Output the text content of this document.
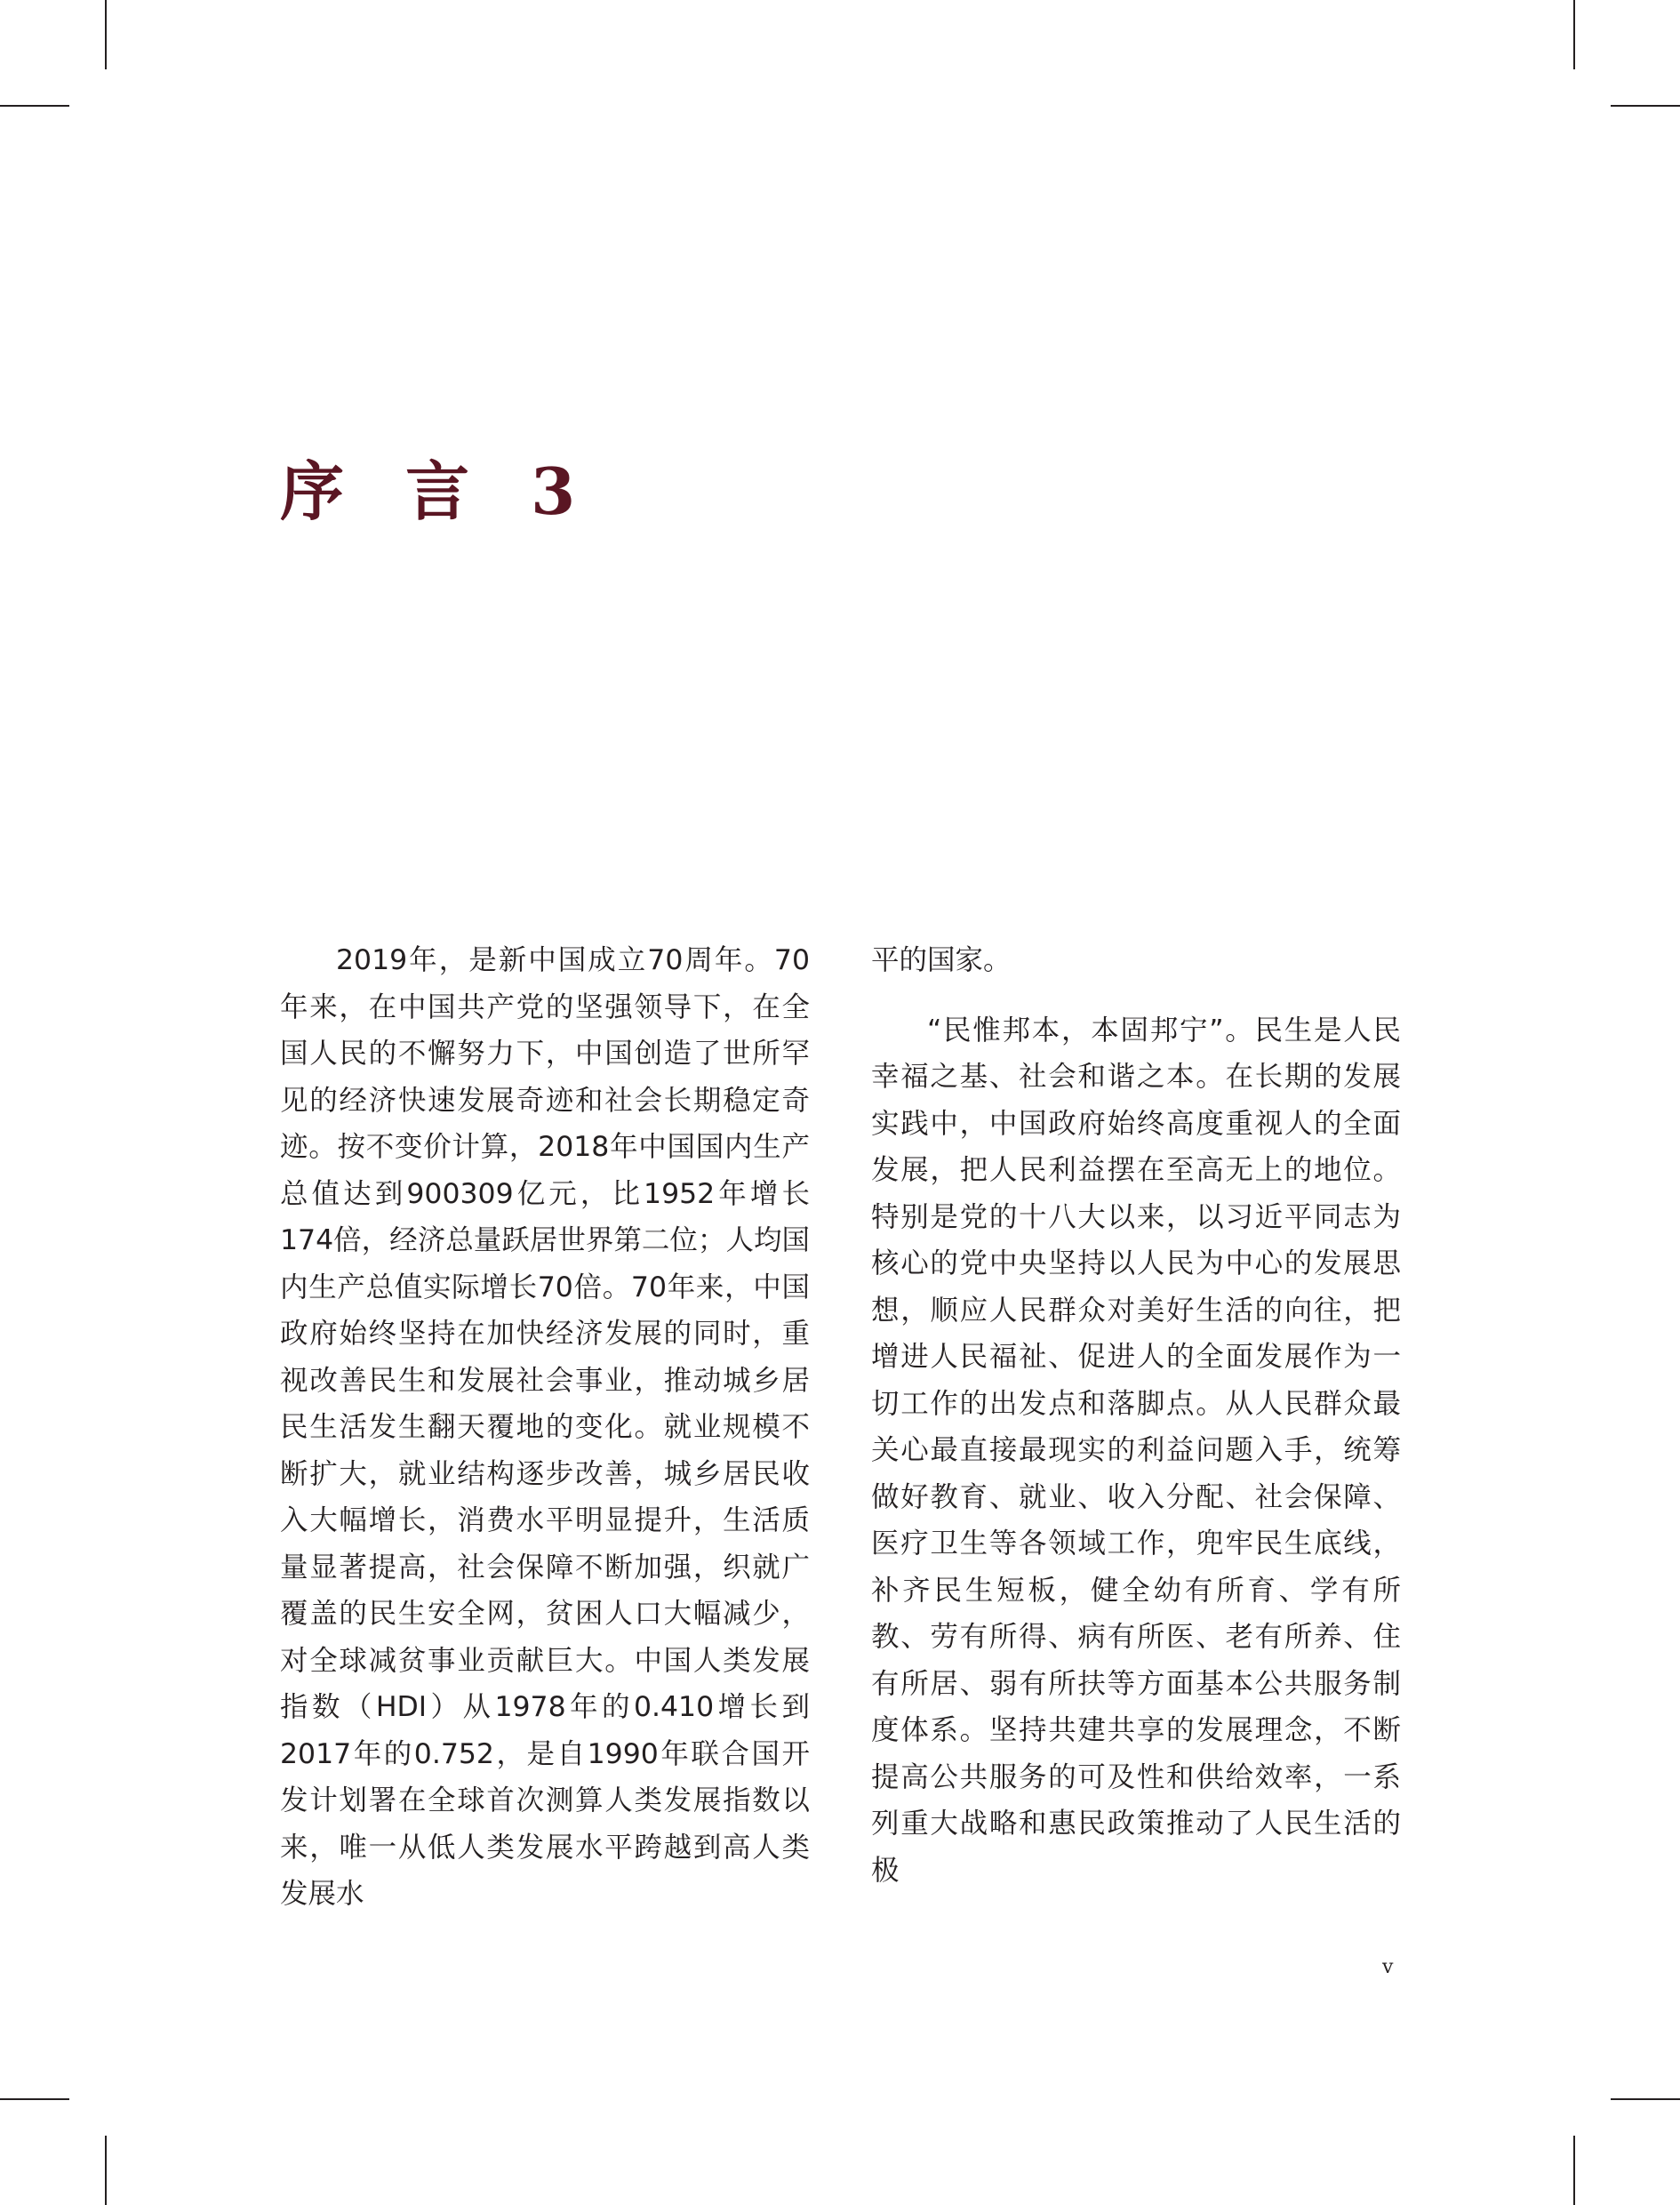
序 言 3

2019年，是新中国成立70周年。70年来，在中国共产党的坚强领导下，在全国人民的不懈努力下，中国创造了世所罕见的经济快速发展奇迹和社会长期稳定奇迹。按不变价计算，2018年中国国内生产总值达到900309亿元，比1952年增长174倍，经济总量跃居世界第二位；人均国内生产总值实际增长70倍。70年来，中国政府始终坚持在加快经济发展的同时，重视改善民生和发展社会事业，推动城乡居民生活发生翻天覆地的变化。就业规模不断扩大，就业结构逐步改善，城乡居民收入大幅增长，消费水平明显提升，生活质量显著提高，社会保障不断加强，织就广覆盖的民生安全网，贫困人口大幅减少，对全球减贫事业贡献巨大。中国人类发展指数（HDI）从1978年的0.410增长到2017年的0.752，是自1990年联合国开发计划署在全球首次测算人类发展指数以来，唯一从低人类发展水平跨越到高人类发展水

平的国家。

“民惟邦本，本固邦宁”。民生是人民幸福之基、社会和谐之本。在长期的发展实践中，中国政府始终高度重视人的全面发展，把人民利益摆在至高无上的地位。特别是党的十八大以来，以习近平同志为核心的党中央坚持以人民为中心的发展思想，顺应人民群众对美好生活的向往，把增进人民福祉、促进人的全面发展作为一切工作的出发点和落脚点。从人民群众最关心最直接最现实的利益问题入手，统筹做好教育、就业、收入分配、社会保障、医疗卫生等各领域工作，兜牢民生底线，补齐民生短板，健全幼有所育、学有所教、劳有所得、病有所医、老有所养、住有所居、弱有所扶等方面基本公共服务制度体系。坚持共建共享的发展理念，不断提高公共服务的可及性和供给效率，一系列重大战略和惠民政策推动了人民生活的极

v
